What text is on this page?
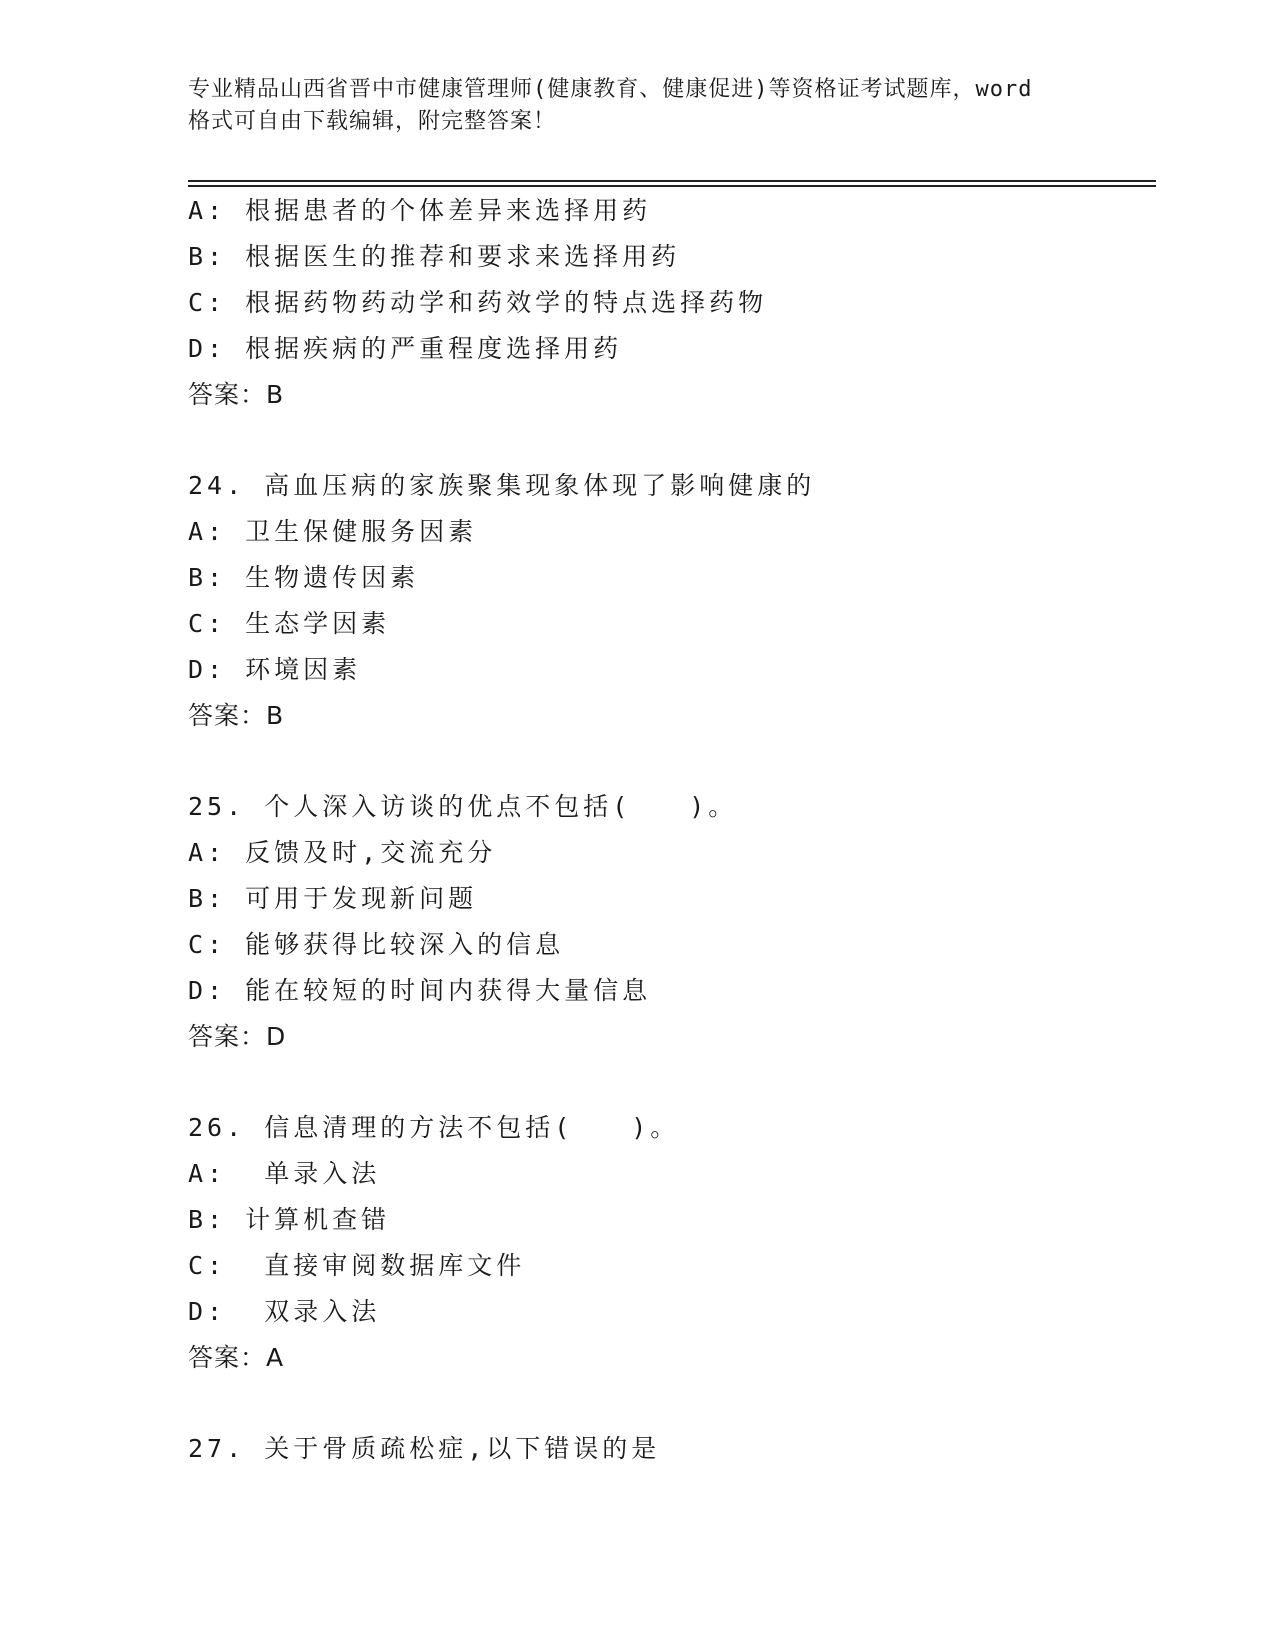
专业精品山西省晋中市健康管理师(健康教育、健康促进)等资格证考试题库，word
格式可自由下载编辑，附完整答案！
A: 根据患者的个体差异来选择用药
B: 根据医生的推荐和要求来选择用药
C: 根据药物药动学和药效学的特点选择药物
D: 根据疾病的严重程度选择用药
答案：B
24. 高血压病的家族聚集现象体现了影响健康的
A: 卫生保健服务因素
B: 生物遗传因素
C: 生态学因素
D: 环境因素
答案：B
25. 个人深入访谈的优点不包括(　　)。
A: 反馈及时,交流充分
B: 可用于发现新问题
C: 能够获得比较深入的信息
D: 能在较短的时间内获得大量信息
答案：D
26. 信息清理的方法不包括(　　)。
A:  单录入法
B: 计算机查错
C:  直接审阅数据库文件
D:  双录入法
答案：A
27. 关于骨质疏松症,以下错误的是
